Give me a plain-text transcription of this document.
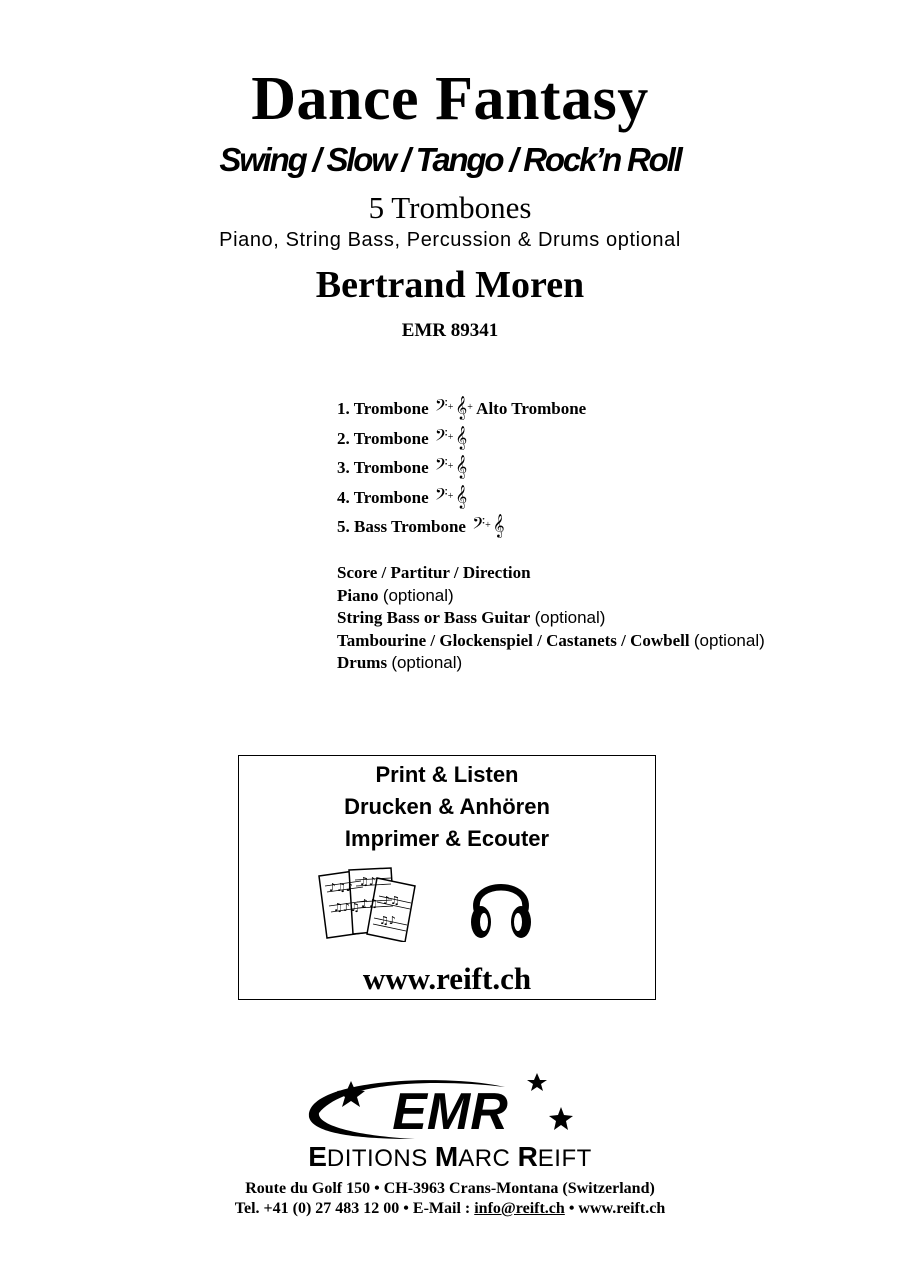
Dance Fantasy
Swing / Slow / Tango / Rock’n Roll
5 Trombones
Piano, String Bass, Percussion & Drums optional
Bertrand Moren
EMR 89341
1. Trombone 𝄢+ 𝄞+ Alto Trombone
2. Trombone 𝄢+ 𝄞
3. Trombone 𝄢+ 𝄞
4. Trombone 𝄢+ 𝄞
5. Bass Trombone 𝄢+ 𝄞
Score / Partitur / Direction
Piano (optional)
String Bass or Bass Guitar (optional)
Tambourine / Glockenspiel / Castanets / Cowbell (optional)
Drums (optional)
Print & Listen
Drucken & Anhören
Imprimer & Ecouter
♪♫♪
♫♪♫
♫♪
♪♫ ♪♫
♫♪
www.reift.ch
EMR
EDITIONS MARC REIFT
Route du Golf 150 • CH-3963 Crans-Montana (Switzerland)
Tel. +41 (0) 27 483 12 00 • E-Mail : info@reift.ch • www.reift.ch
